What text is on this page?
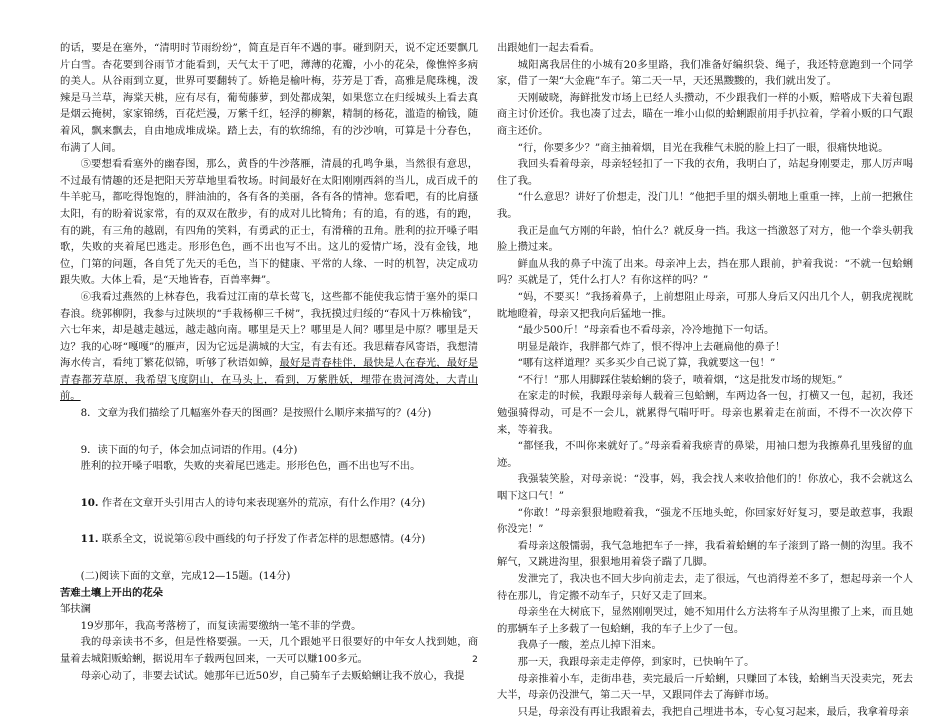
的话，要是在塞外，“清明时节雨纷纷”，简直是百年不遇的事。碰到阴天，说不定还要飘几片白雪。杏花要到谷雨节才能看到，天气太干了吧，薄薄的花瓣，小小的花朵，像憔悴多病的美人。从谷雨到立夏，世界可要翻转了。娇艳是榆叶梅，芬芳是丁香，高雅是爬珠槐，泼辣是马兰草，海棠天桃，应有尽有，葡萄藤萝，到处都成架，如果您立在归绥城头上看去真是烟云掩树，家家锦绣，百花烂漫，万紫千红，轻浮的柳絮，精制的杨花，滥造的榆钱，随着风，飘来飘去，自由地成堆成垛。踏上去，有的软绵绵，有的沙沙响，可算是十分春色，布满了人间。

⑤要想看看塞外的幽春图，那么，黄昏的牛沙落雁，清晨的孔鸣争巢，当然很有意思，不过最有情趣的还是把阳天芳草地里看牧场。时间最好在太阳刚刚西斜的当儿，成百成千的牛羊驼马，都吃得饱饱的，胖油油的，各有各的美丽，各有各的情神。您看吧，有的比肩搔太阳，有的盼着说家常，有的双双在散步，有的成对儿比犄角；有的追，有的逃，有的跑，有的跳，有三角的越剧，有四角的笑料，有勇武的正士，有滑稽的丑角。胜利的拉开嗓子唱歌，失败的夹着尾巴逃走。形形色色，画不出也写不出。这儿的爱情广场，没有金钱，地位，门第的问题，各自凭了先天的毛色，当下的健康、平常的人缘、一时的机智，决定成功跟失败。大体上看，是“天地皆春，百兽率舞”。

⑥我看过燕然的上林春色，我看过江南的草长莺飞，这些都不能使我忘情于塞外的渠口春浪。绕郭柳阴，我参与过陕坝的“手栽杨柳三千树”，我抚摸过归绥的“春风十万株榆钱”，六七年来，却是越走越远，越走越向南。哪里是天上？哪里是人间？哪里是中原？哪里是天边？我的心呀“嘎嘎”的雁声，因为它远是满城的大宝，有去有还。我思藉春风寄语，我想清海水传言，看纯丁繁花似锦，听够了秋语如蟑，最好是青春桂伴，最快是人在春光，最好是青春都芳草原，我希望飞度阴山，在马头上，看到，万紫胜妖，埋带在贵河湾处，大青山前。

8．文章为我们描绘了几幅塞外春天的图画？是按照什么顺序来描写的？(4分)

9．读下面的句子，体会加点词语的作用。(4分)

胜利的拉开嗓子唱歌，失败的夹着尾巴逃走。形形色色，画不出也写不出。

10. 作者在文章开头引用古人的诗句来表现塞外的荒凉，有什么作用？(4分)

11. 联系全文，说说第⑥段中画线的句子抒发了作者怎样的思想感情。(4分)

(二)阅读下面的文章，完成12—15题。(14分)

苦难土壤上开出的花朵

邹扶澜

19岁那年，我高考落榜了，而复读需要缴纳一笔不菲的学费。

我的母亲读书不多，但是性格要强。一天，几个跟她平日很要好的中年女人找到她，商量着去城阳贩蛤蜊，据说用车子载两包回来，一天可以赚100多元。

母亲心动了，非要去试试。她那年已近50岁，自己骑车子去贩蛤蜊让我不放心，我提

出跟她们一起去看看。

城阳离我居住的小城有20多里路，我们准备好编织袋、绳子，我还特意跑到一个同学家，借了一架“大金鹿”车子。第二天一早，天还黑黢黢的，我们就出发了。

天刚破晓，海鲜批发市场上已经人头攒动，不少跟我们一样的小贩，赔嗒成下夫着包跟商主讨价还价。我也凑了过去，瞄在一堆小山似的蛤蜊跟前用手扒拉着，学着小贩的口气跟商主还价。

“行，你要多少？”商主抽着烟，目光在我稚气未脱的脸上扫了一眼，很痛快地说。

我回头看着母亲，母亲轻轻扣了一下我的衣角，我明白了，站起身刚要走，那人厉声喝住了我。

“什么意思？讲好了价想走，没门儿！”他把手里的烟头朝地上重重一摔，上前一把揪住我。

我正是血气方刚的年龄，怕什么？就反身一挡。我这一挡激怒了对方，他一个拳头朝我脸上攒过来。

鲜血从我的鼻子中流了出来。母亲冲上去，挡在那人跟前，护着我说：“不就一包蛤蜊吗？买就是了，凭什么打人？有你这样的吗？”

“妈，不要买！”我扬着鼻子，上前想阻止母亲，可那人身后又闪出几个人，朝我虎视眈眈地瞪着，母亲又把我向后猛地一推。

“最少500斤！”母亲看也不看母亲，冷冷地抛下一句话。

明显是敲诈，我胖都气炸了，恨不得冲上去砸扁他的鼻子！

“哪有这样道理？买多买少自己说了算，我就要这一包！”

“不行！”那人用脚踩住装蛤蜊的袋子，喷着烟，“这是批发市场的规矩。”

在家走的时候，我跟母亲每人载着三包蛤蜊，车两边各一包，打横又一包，起初，我还勉强骑得动，可是不一会儿，就累得气喘吁吁。母亲也累着走在前面，不得不一次次停下来，等着我。

“都怪我，不叫你来就好了。”母亲看着我瘀青的鼻梁，用袖口想为我擦鼻孔里残留的血迹。

我强装笑脸，对母亲说：“没事，妈，我会找人来收拾他们的！你放心，我不会就这么咽下这口气！”

“你敢！”母亲狠狠地瞪着我，“强龙不压地头蛇，你回家好好复习，要是敢惹事，我跟你没完！”

看母亲这般懦弱，我气急地把车子一摔，我看着蛤蜊的车子滚到了路一侧的沟里。我不解气，又跳进沟里，狠狠地用着袋子踹了几脚。

发泄完了，我决也不回大步向前走去，走了很远，气也消得差不多了，想起母亲一个人待在那儿，肯定搬不动车子，只好又走了回来。

母亲坐在大树底下，显然刚刚哭过，她不知用什么方法将车子从沟里搬了上来，而且她的那辆车子上多载了一包蛤蜊，我的车子上少了一包。

我鼻子一酸，差点儿掉下泪来。

那一天，我跟母亲走走停停，到家时，已快晌午了。

母亲推着小车，走街串巷，卖完最后一斤蛤蜊，只赚回了本钱，蛤蜊当天没卖完，死去大半，母亲仍没泄气，第二天一早，又跟同伴去了海鲜市场。

只是，母亲没有再让我跟着去，我把自己埋进书本，专心复习起来，最后，我拿着母亲

2
